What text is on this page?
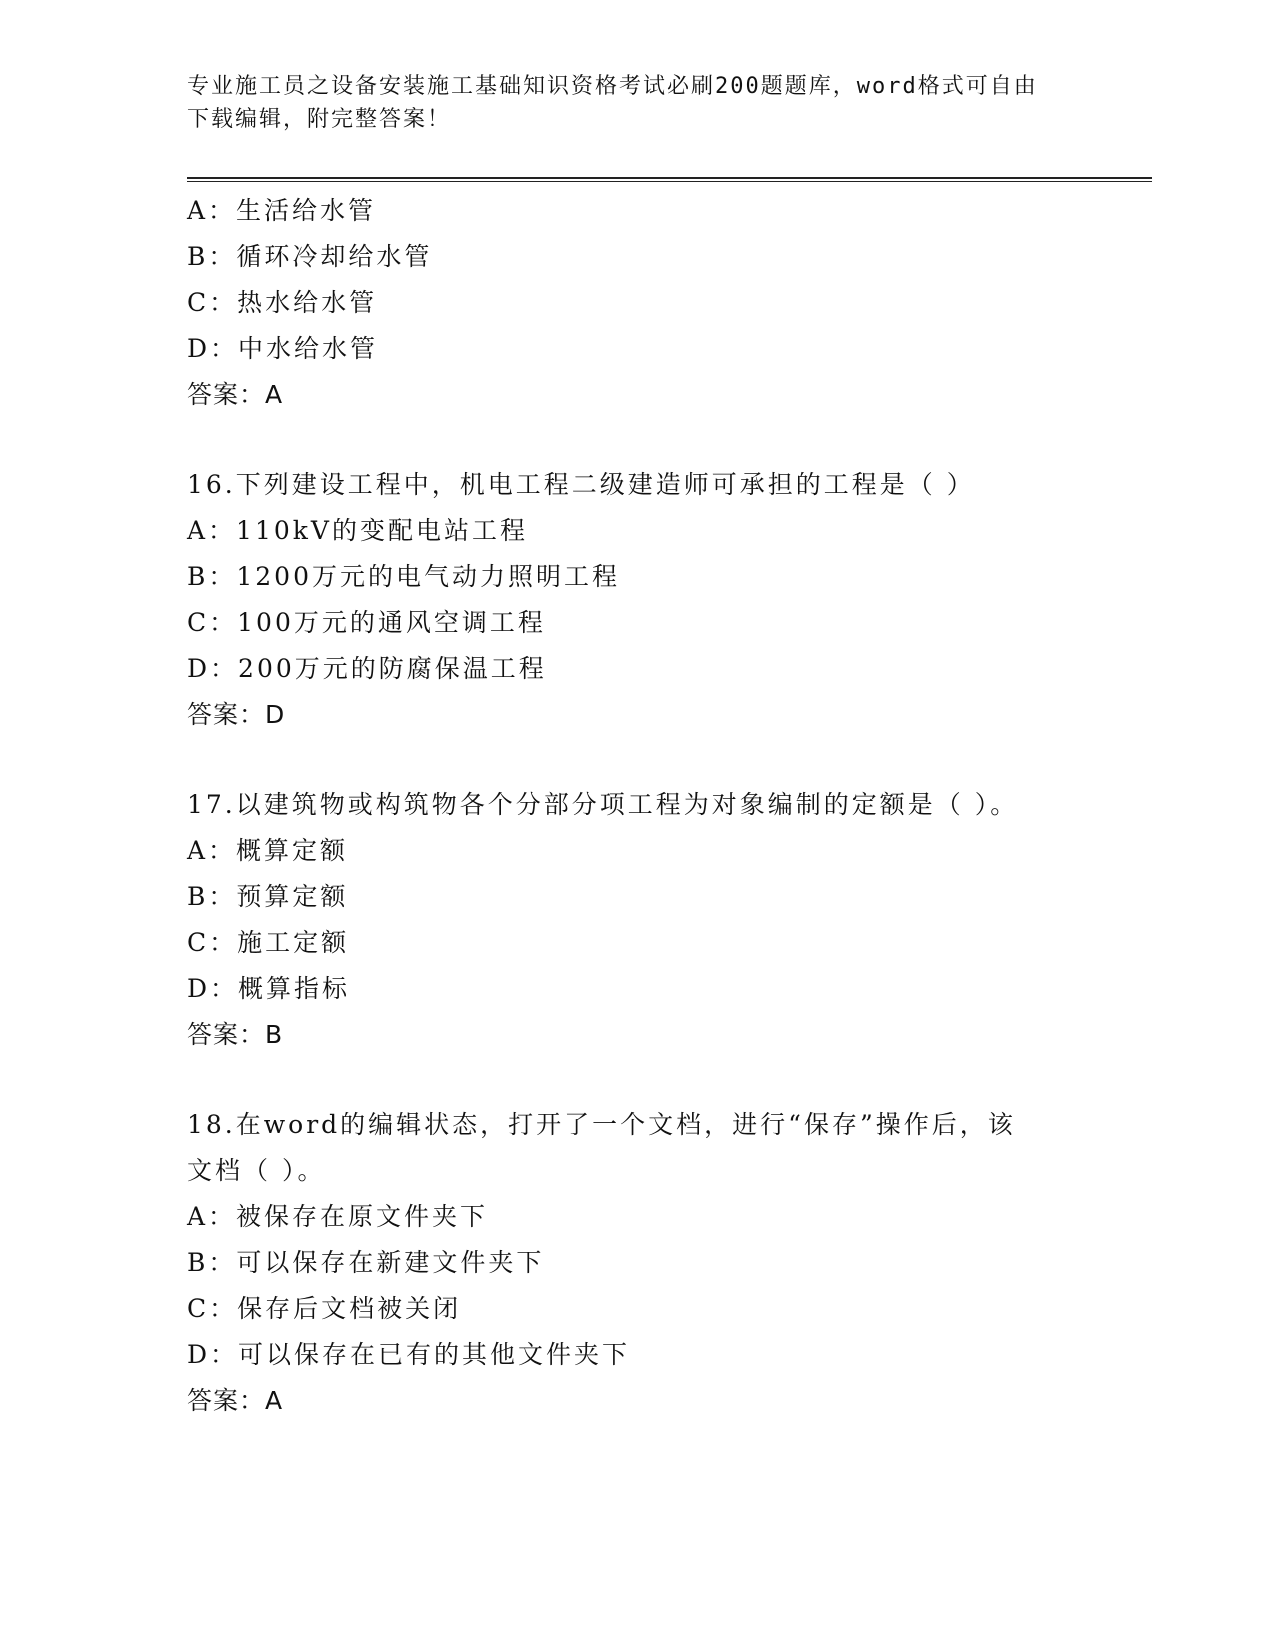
专业施工员之设备安装施工基础知识资格考试必刷200题题库，word格式可自由
下载编辑，附完整答案！
A：生活给水管
B：循环冷却给水管
C：热水给水管
D：中水给水管
答案：A
16.下列建设工程中，机电工程二级建造师可承担的工程是（ ）
A：110kV的变配电站工程
B：1200万元的电气动力照明工程
C：100万元的通风空调工程
D：200万元的防腐保温工程
答案：D
17.以建筑物或构筑物各个分部分项工程为对象编制的定额是（ ）。
A：概算定额
B：预算定额
C：施工定额
D：概算指标
答案：B
18.在word的编辑状态，打开了一个文档，进行“保存”操作后，该
文档（ ）。
A：被保存在原文件夹下
B：可以保存在新建文件夹下
C：保存后文档被关闭
D：可以保存在已有的其他文件夹下
答案：A
